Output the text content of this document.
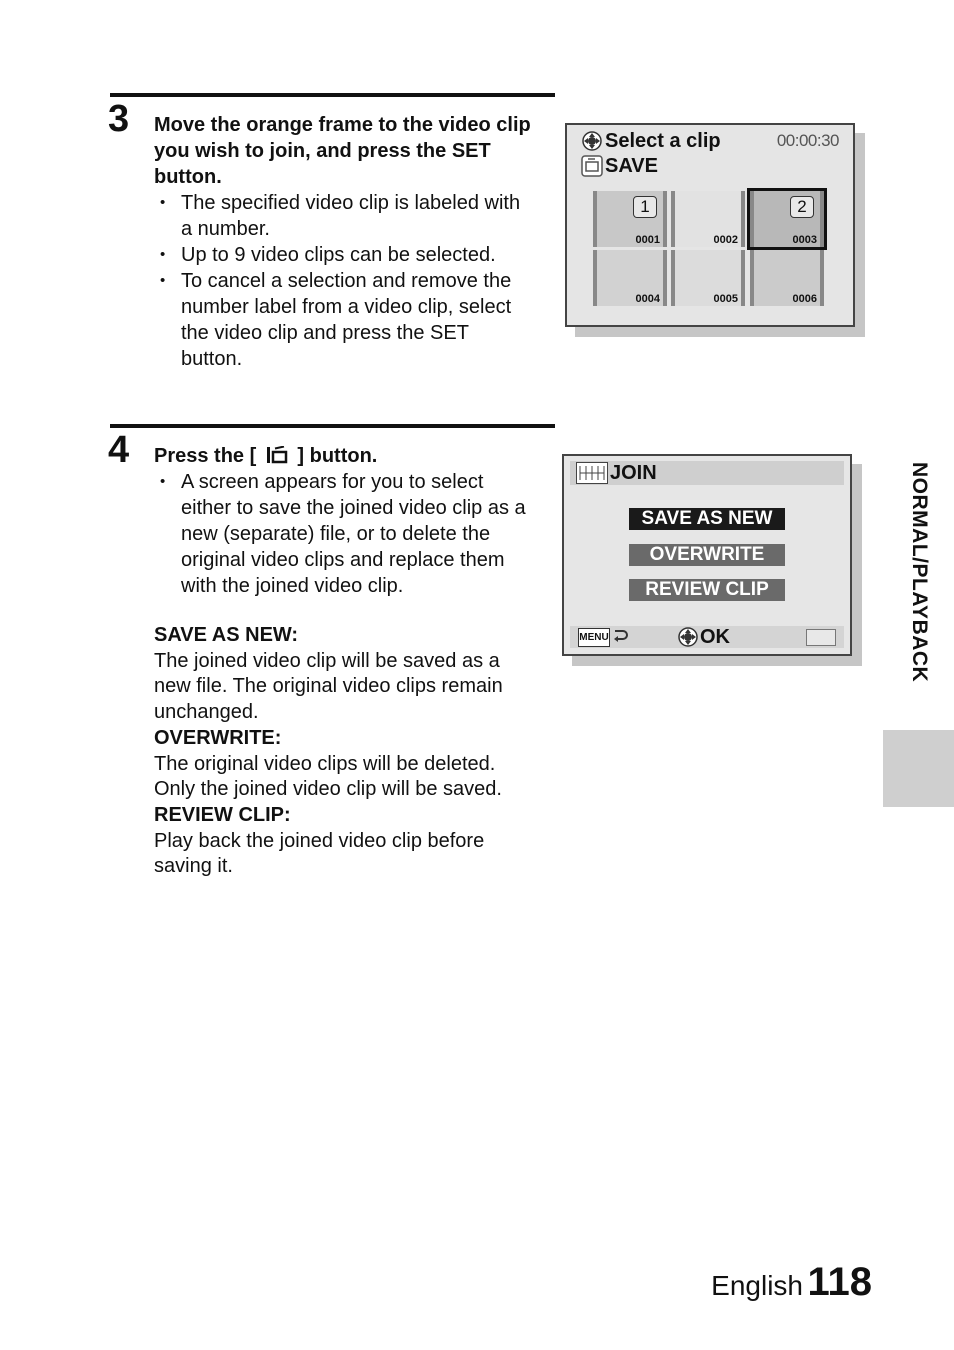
3 Move the orange frame to the video clip you wish to join, and press the SET button.

• The specified video clip is labeled with a number.
• Up to 9 video clips can be selected.
• To cancel a selection and remove the number label from a video clip, select the video clip and press the SET button.
Select a clip	00:00:30
SAVE
1
0001	0002
2
0003
0004	0005	0006
4 Press the [ ] button.

• A screen appears for you to select either to save the joined video clip as a new (separate) file, or to delete the original video clips and replace them with the joined video clip.
SAVE AS NEW:
The joined video clip will be saved as a new file. The original video clips remain unchanged.
OVERWRITE:
The original video clips will be deleted. Only the joined video clip will be saved.
REVIEW CLIP:
Play back the joined video clip before saving it.
JOIN
SAVE AS NEW
OVERWRITE
REVIEW CLIP
MENU	OK	NORMAL/PLAYBACK
English 118
